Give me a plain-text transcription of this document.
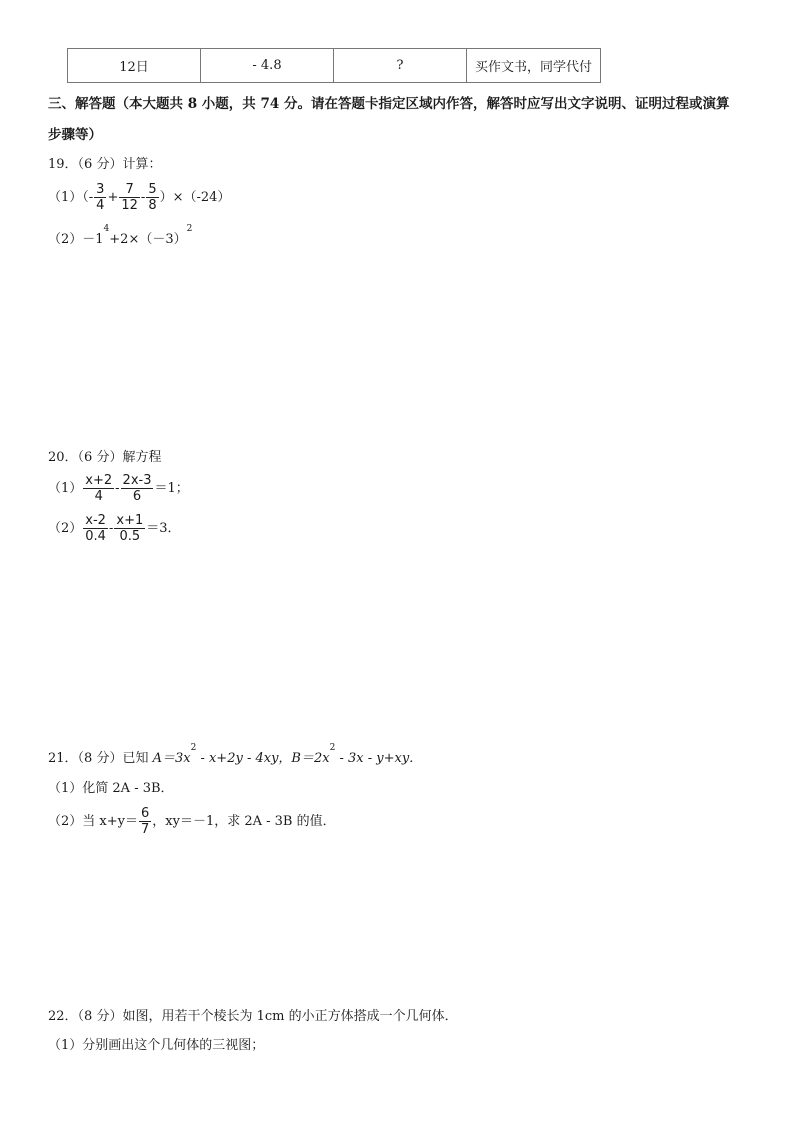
12日	- 4.8	?	买作文书，同学代付
三、解答题（本大题共 8 小题，共 74 分。请在答题卡指定区域内作答，解答时应写出文字说明、证明过程或演算
步骤等）
19．（6 分）计算：
$(1)(- \frac{3}{4} + \frac{7}{12} - \frac{5}{8} )\times(-24)$
$(2)-1^4+2\times(-3)^2$
20．（6 分）解方程
$(1) \frac{x+2}{4} - \frac{2x-3}{6} =1$；
$(2) \frac{x-2}{0.4} - \frac{x+1}{0.5} =3$．
21．（8 分）已知 $A=3x^2 - x+2y - 4xy$，$B=2x^2 - 3x - y+xy$．
（1）化简 2A - 3B．
（2）当 $x+y= \frac{6}{7}$ ，xy＝－1，求 2A - 3B 的值．
22．（8 分）如图，用若干个棱长为 1cm 的小正方体搭成一个几何体．
（1）分别画出这个几何体的三视图；
